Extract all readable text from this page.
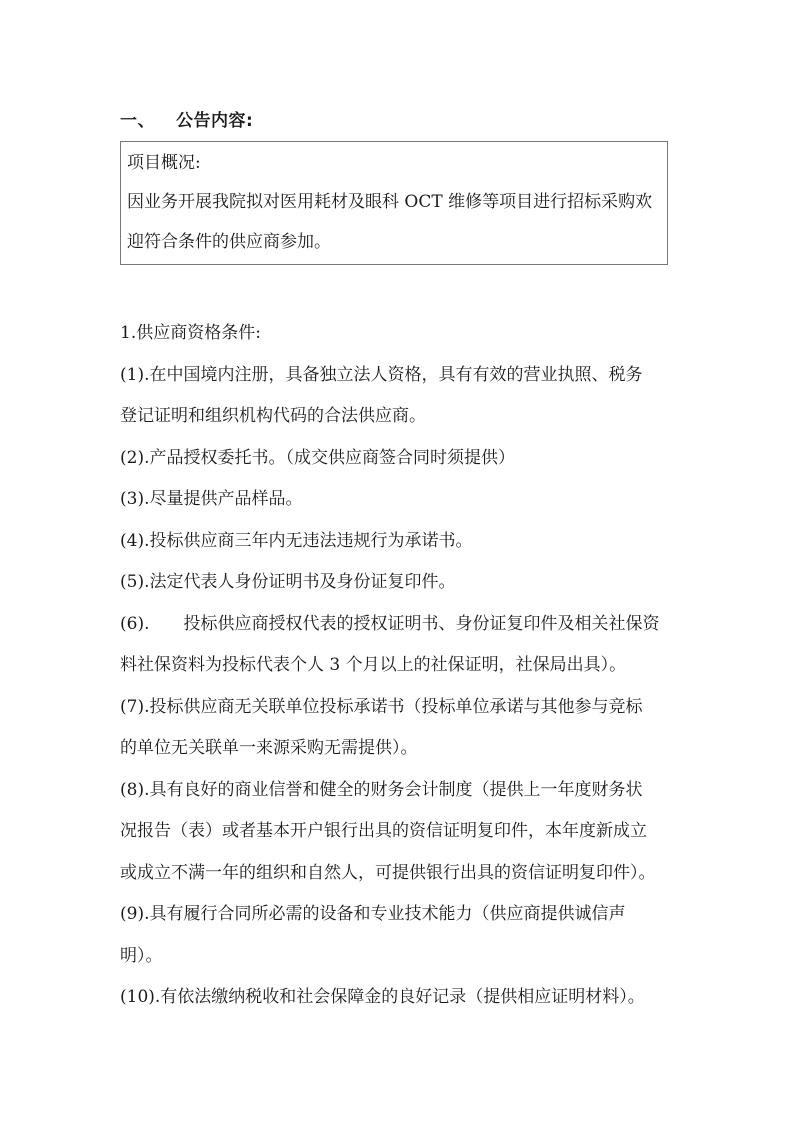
一、 公告内容:
项目概况:
因业务开展我院拟对医用耗材及眼科 OCT 维修等项目进行招标采购欢
迎符合条件的供应商参加。
1.供应商资格条件:
(1).在中国境内注册，具备独立法人资格，具有有效的营业执照、税务
登记证明和组织机构代码的合法供应商。
(2).产品授权委托书。（成交供应商签合同时须提供）
(3).尽量提供产品样品。
(4).投标供应商三年内无违法违规行为承诺书。
(5).法定代表人身份证明书及身份证复印件。
(6). 投标供应商授权代表的授权证明书、身份证复印件及相关社保资
料社保资料为投标代表个人 3 个月以上的社保证明，社保局出具）。
(7).投标供应商无关联单位投标承诺书（投标单位承诺与其他参与竞标
的单位无关联单一来源采购无需提供）。
(8).具有良好的商业信誉和健全的财务会计制度（提供上一年度财务状
况报告（表）或者基本开户银行出具的资信证明复印件，本年度新成立
或成立不满一年的组织和自然人，可提供银行出具的资信证明复印件）。
(9).具有履行合同所必需的设备和专业技术能力（供应商提供诚信声
明）。
(10).有依法缴纳税收和社会保障金的良好记录（提供相应证明材料）。
